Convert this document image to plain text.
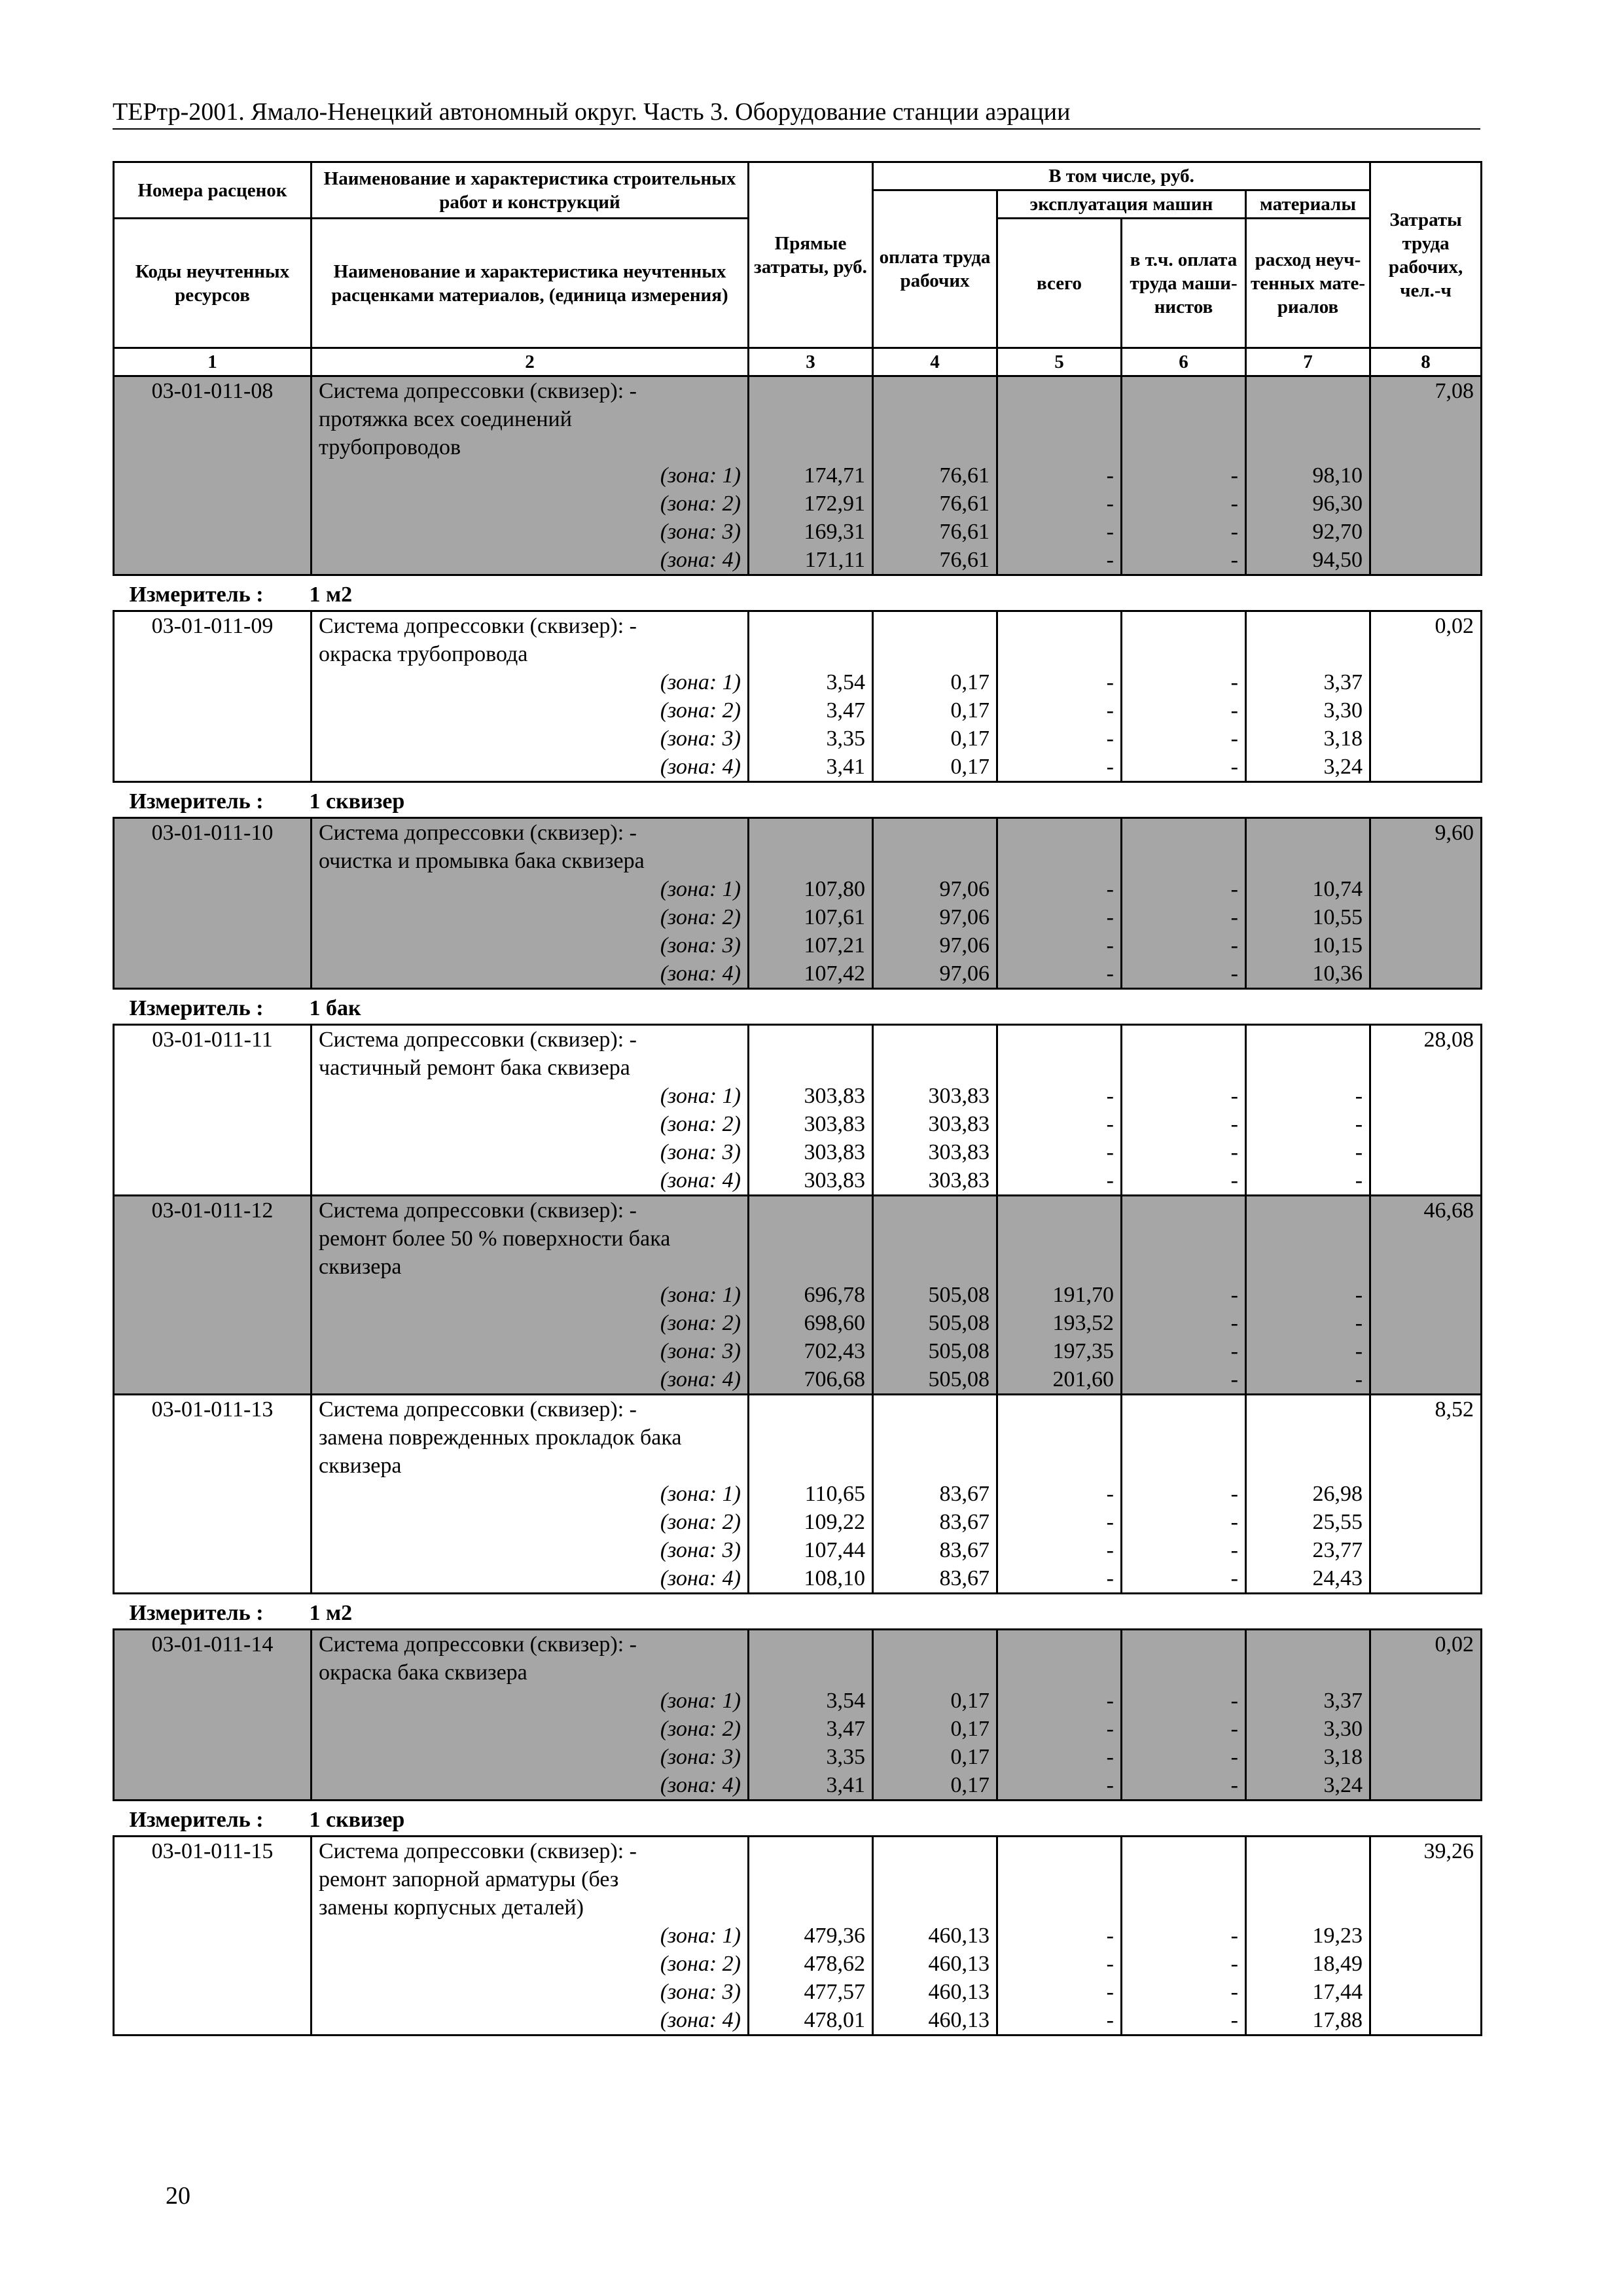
ТЕРтр-2001. Ямало-Ненецкий автономный округ. Часть 3. Оборудование станции аэрации
Номера расценок	Наименование и характеристика строительных работ и конструкций	Прямые затраты, руб.	В том числе, руб.				Затраты труда рабочих, чел.-ч
			оплата труда рабочих	эксплуатация машин		материалы	
Коды неучтенных ресурсов	Наименование и характеристика неучтенных расценками материалов, (единица измерения)			всего	в т.ч. оплата труда маши-нистов	расход неуч-тенных мате-риалов	

1	2	3	4	5	6	7	8
03-01-011-08	Система допрессовки (сквизер): -						7,08
	протяжка всех соединений						
	трубопроводов						
	(зона: 1)	174,71	76,61	-	-	98,10	
	(зона: 2)	172,91	76,61	-	-	96,30	
	(зона: 3)	169,31	76,61	-	-	92,70	
	(зона: 4)	171,11	76,61	-	-	94,50	
Измеритель : 1 м2							
03-01-011-09	Система допрессовки (сквизер): -						0,02
	окраска трубопровода						
	(зона: 1)	3,54	0,17	-	-	3,37	
	(зона: 2)	3,47	0,17	-	-	3,30	
	(зона: 3)	3,35	0,17	-	-	3,18	
	(зона: 4)	3,41	0,17	-	-	3,24	
Измеритель : 1 сквизер							
03-01-011-10	Система допрессовки (сквизер): -						9,60
	очистка и промывка бака сквизера						
	(зона: 1)	107,80	97,06	-	-	10,74	
	(зона: 2)	107,61	97,06	-	-	10,55	
	(зона: 3)	107,21	97,06	-	-	10,15	
	(зона: 4)	107,42	97,06	-	-	10,36	
Измеритель : 1 бак							
03-01-011-11	Система допрессовки (сквизер): -						28,08
	частичный ремонт бака сквизера						
	(зона: 1)	303,83	303,83	-	-	-	
	(зона: 2)	303,83	303,83	-	-	-	
	(зона: 3)	303,83	303,83	-	-	-	
	(зона: 4)	303,83	303,83	-	-	-	
03-01-011-12	Система допрессовки (сквизер): -						46,68
	ремонт более 50 % поверхности бака						
	сквизера						
	(зона: 1)	696,78	505,08	191,70	-	-	
	(зона: 2)	698,60	505,08	193,52	-	-	
	(зона: 3)	702,43	505,08	197,35	-	-	
	(зона: 4)	706,68	505,08	201,60	-	-	
03-01-011-13	Система допрессовки (сквизер): -						8,52
	замена поврежденных прокладок бака						
	сквизера						
	(зона: 1)	110,65	83,67	-	-	26,98	
	(зона: 2)	109,22	83,67	-	-	25,55	
	(зона: 3)	107,44	83,67	-	-	23,77	
	(зона: 4)	108,10	83,67	-	-	24,43	
Измеритель : 1 м2							
03-01-011-14	Система допрессовки (сквизер): -						0,02
	окраска бака сквизера						
	(зона: 1)	3,54	0,17	-	-	3,37	
	(зона: 2)	3,47	0,17	-	-	3,30	
	(зона: 3)	3,35	0,17	-	-	3,18	
	(зона: 4)	3,41	0,17	-	-	3,24	
Измеритель : 1 сквизер							
03-01-011-15	Система допрессовки (сквизер): -						39,26
	ремонт запорной арматуры (без						
	замены корпусных деталей)						
	(зона: 1)	479,36	460,13	-	-	19,23	
	(зона: 2)	478,62	460,13	-	-	18,49	
	(зона: 3)	477,57	460,13	-	-	17,44	
	(зона: 4)	478,01	460,13	-	-	17,88	
20
